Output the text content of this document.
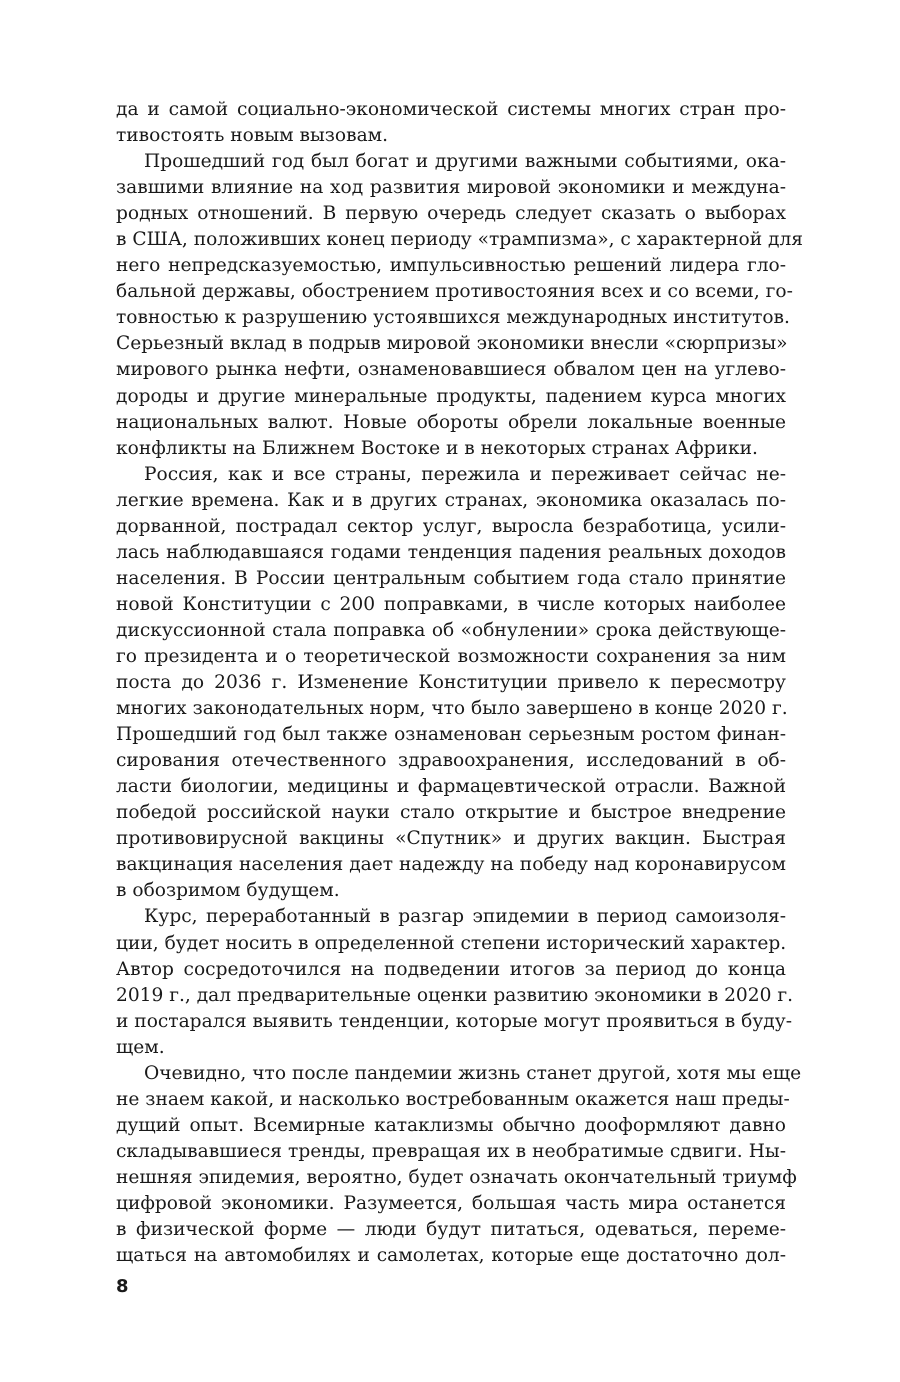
да и самой социально-экономической системы многих стран про-
тивостоять новым вызовам.
Прошедший год был богат и другими важными событиями, ока-
завшими влияние на ход развития мировой экономики и междуна-
родных отношений. В первую очередь следует сказать о выборах
в США, положивших конец периоду «трампизма», с характерной для
него непредсказуемостью, импульсивностью решений лидера гло-
бальной державы, обострением противостояния всех и со всеми, го-
товностью к разрушению устоявшихся международных институтов.
Серьезный вклад в подрыв мировой экономики внесли «сюрпризы»
мирового рынка нефти, ознаменовавшиеся обвалом цен на углево-
дороды и другие минеральные продукты, падением курса многих
национальных валют. Новые обороты обрели локальные военные
конфликты на Ближнем Востоке и в некоторых странах Африки.
Россия, как и все страны, пережила и переживает сейчас не-
легкие времена. Как и в других странах, экономика оказалась по-
дорванной, пострадал сектор услуг, выросла безработица, усили-
лась наблюдавшаяся годами тенденция падения реальных доходов
населения. В России центральным событием года стало принятие
новой Конституции с 200 поправками, в числе которых наиболее
дискуссионной стала поправка об «обнулении» срока действующе-
го президента и о теоретической возможности сохранения за ним
поста до 2036 г. Изменение Конституции привело к пересмотру
многих законодательных норм, что было завершено в конце 2020 г.
Прошедший год был также ознаменован серьезным ростом финан-
сирования отечественного здравоохранения, исследований в об-
ласти биологии, медицины и фармацевтической отрасли. Важной
победой российской науки стало открытие и быстрое внедрение
противовирусной вакцины «Спутник» и других вакцин. Быстрая
вакцинация населения дает надежду на победу над коронавирусом
в обозримом будущем.
Курс, переработанный в разгар эпидемии в период самоизоля-
ции, будет носить в определенной степени исторический характер.
Автор сосредоточился на подведении итогов за период до конца
2019 г., дал предварительные оценки развитию экономики в 2020 г.
и постарался выявить тенденции, которые могут проявиться в буду-
щем.
Очевидно, что после пандемии жизнь станет другой, хотя мы еще
не знаем какой, и насколько востребованным окажется наш преды-
дущий опыт. Всемирные катаклизмы обычно дооформляют давно
складывавшиеся тренды, превращая их в необратимые сдвиги. Ны-
нешняя эпидемия, вероятно, будет означать окончательный триумф
цифровой экономики. Разумеется, большая часть мира останется
в физической форме — люди будут питаться, одеваться, переме-
щаться на автомобилях и самолетах, которые еще достаточно дол-
8
